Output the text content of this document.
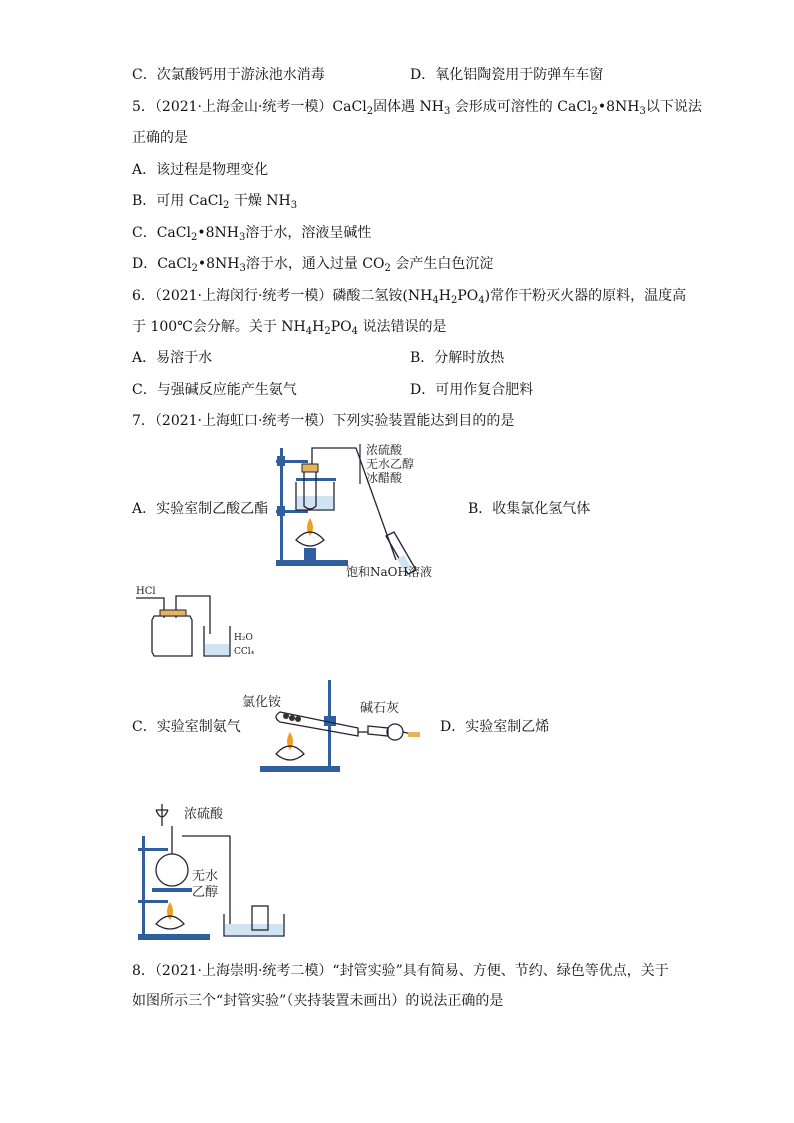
C．次氯酸钙用于游泳池水消毒	D．氧化铝陶瓷用于防弹车车窗
5．（2021·上海金山·统考一模）CaCl$_2$固体遇 $NH_3$ 会形成可溶性的 $CaCl_2•8NH_3$以下说法
正确的是
A．该过程是物理变化
B．可用 CaCl$_2$ 干燥 $NH_3$
C．$CaCl_2•8NH_3$溶于水，溶液呈碱性
D．$CaCl_2•8NH_3$溶于水，通入过量 $CO_2$ 会产生白色沉淀
6．（2021·上海闵行·统考一模）磷酸二氢铵$(NH_4H_2PO_4)$常作干粉灭火器的原料，温度高
于 100℃会分解。关于 $NH_4H_2PO_4$ 说法错误的是
A．易溶于水	B．分解时放热
C．与强碱反应能产生氨气	D．可用作复合肥料
7．（2021·上海虹口·统考一模）下列实验装置能达到目的的是
A．实验室制乙酸乙酯	B．收集氯化氢气体
浓硫酸
无水乙醇
冰醋酸
饱和NaOH溶液
HCl
H₂O
CCl₄
C．实验室制氨气	D．实验室制乙烯
氯化铵	碱石灰
浓硫酸
无水
乙醇
8．（2021·上海崇明·统考二模）“封管实验”具有简易、方便、节约、绿色等优点，关于
如图所示三个“封管实验”（夹持装置未画出）的说法正确的是
